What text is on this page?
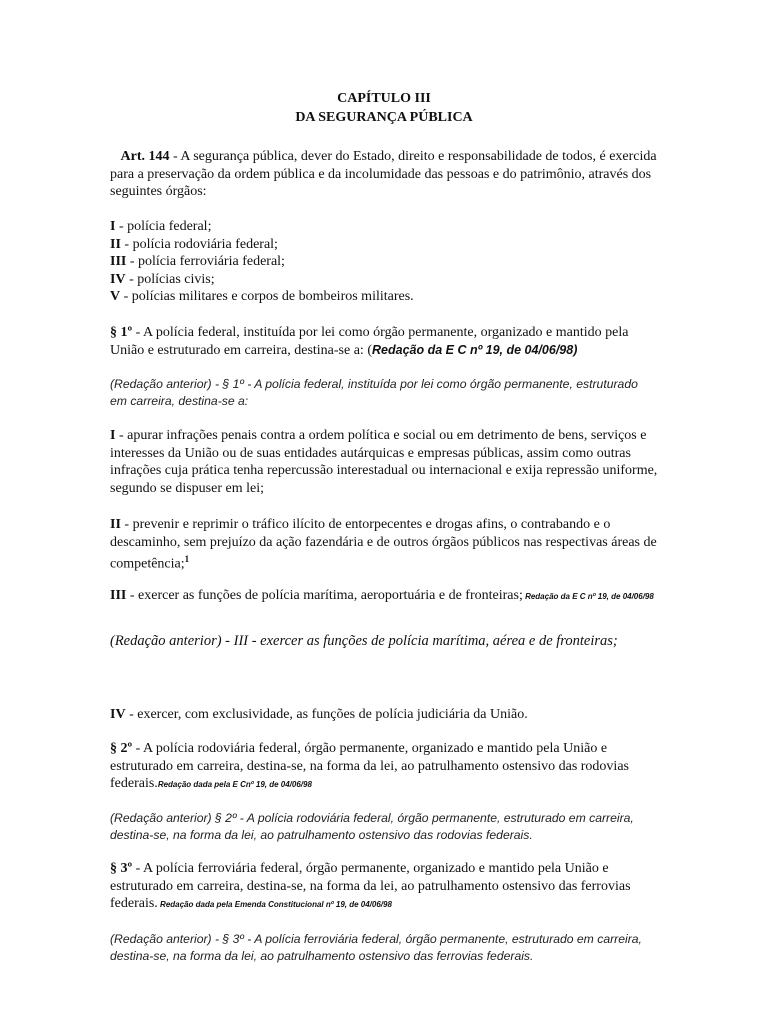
CAPÍTULO III
DA SEGURANÇA PÚBLICA
Art. 144 - A segurança pública, dever do Estado, direito e responsabilidade de todos, é exercida para a preservação da ordem pública e da incolumidade das pessoas e do patrimônio, através dos seguintes órgãos:
I - polícia federal;
II - polícia rodoviária federal;
III - polícia ferroviária federal;
IV - polícias civis;
V - polícias militares e corpos de bombeiros militares.
§ 1º - A polícia federal, instituída por lei como órgão permanente, organizado e mantido pela União e estruturado em carreira, destina-se a: (Redação da E C nº 19, de 04/06/98)
(Redação anterior) - § 1º - A polícia federal, instituída por lei como órgão permanente, estruturado em carreira, destina-se a:
I - apurar infrações penais contra a ordem política e social ou em detrimento de bens, serviços e interesses da União ou de suas entidades autárquicas e empresas públicas, assim como outras infrações cuja prática tenha repercussão interestadual ou internacional e exija repressão uniforme, segundo se dispuser em lei;
II - prevenir e reprimir o tráfico ilícito de entorpecentes e drogas afins, o contrabando e o descaminho, sem prejuízo da ação fazendária e de outros órgãos públicos nas respectivas áreas de competência;$^1$
III - exercer as funções de polícia marítima, aeroportuária e de fronteiras; Redação da E C nº 19, de 04/06/98
(Redação anterior) - III - exercer as funções de polícia marítima, aérea e de fronteiras;
IV - exercer, com exclusividade, as funções de polícia judiciária da União.
§ 2º - A polícia rodoviária federal, órgão permanente, organizado e mantido pela União e estruturado em carreira, destina-se, na forma da lei, ao patrulhamento ostensivo das rodovias federais.Redação dada pela E Cnº 19, de 04/06/98
(Redação anterior) § 2º - A polícia rodoviária federal, órgão permanente, estruturado em carreira, destina-se, na forma da lei, ao patrulhamento ostensivo das rodovias federais.
§ 3º - A polícia ferroviária federal, órgão permanente, organizado e mantido pela União e estruturado em carreira, destina-se, na forma da lei, ao patrulhamento ostensivo das ferrovias federais. Redação dada pela Emenda Constitucional nº 19, de 04/06/98
(Redação anterior) - § 3º - A polícia ferroviária federal, órgão permanente, estruturado em carreira, destina-se, na forma da lei, ao patrulhamento ostensivo das ferrovias federais.
